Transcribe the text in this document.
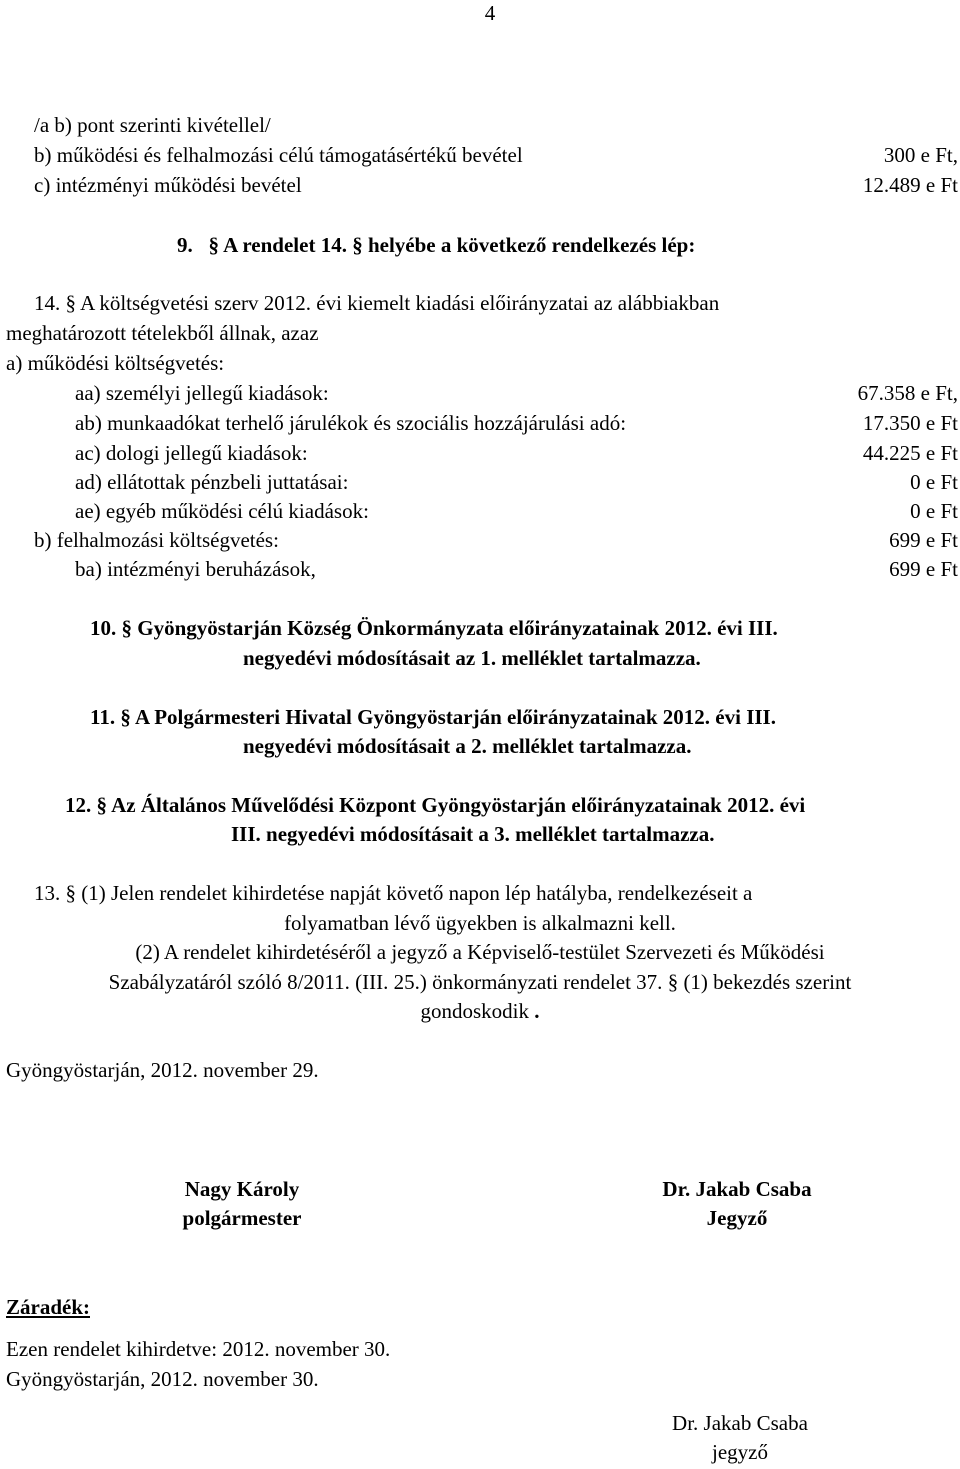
4
/a b) pont szerinti kivétellel/
b) működési és felhalmozási célú támogatásértékű bevétel	300 e Ft,
c) intézményi működési bevétel	12.489 e Ft
9. § A rendelet 14. § helyébe a következő rendelkezés lép:
14. § A költségvetési szerv 2012. évi kiemelt kiadási előirányzatai az alábbiakban
meghatározott tételekből állnak, azaz
a) működési költségvetés:
aa) személyi jellegű kiadások:	67.358 e Ft,
ab) munkaadókat terhelő járulékok és szociális hozzájárulási adó:	17.350 e Ft
ac) dologi jellegű kiadások:	44.225 e Ft
ad) ellátottak pénzbeli juttatásai:	0 e Ft
ae) egyéb működési célú kiadások:	0 e Ft
b) felhalmozási költségvetés:	699 e Ft
ba) intézményi beruházások,	699 e Ft
10. § Gyöngyöstarján Község Önkormányzata előirányzatainak 2012. évi III.
negyedévi módosításait az 1. melléklet tartalmazza.
11. § A Polgármesteri Hivatal Gyöngyöstarján előirányzatainak 2012. évi III.
negyedévi módosításait a 2. melléklet tartalmazza.
12. § Az Általános Művelődési Központ Gyöngyöstarján előirányzatainak 2012. évi
III. negyedévi módosításait a 3. melléklet tartalmazza.
13. § (1) Jelen rendelet kihirdetése napját követő napon lép hatályba, rendelkezéseit a
folyamatban lévő ügyekben is alkalmazni kell.
(2) A rendelet kihirdetéséről a jegyző a Képviselő-testület Szervezeti és Működési
Szabályzatáról szóló 8/2011. (III. 25.) önkormányzati rendelet 37. § (1) bekezdés szerint
gondoskodik .
Gyöngyöstarján, 2012. november 29.
Nagy Károly
polgármester
Dr. Jakab Csaba
Jegyző
Záradék:
Ezen rendelet kihirdetve: 2012. november 30.
Gyöngyöstarján, 2012. november 30.
Dr. Jakab Csaba
jegyző
